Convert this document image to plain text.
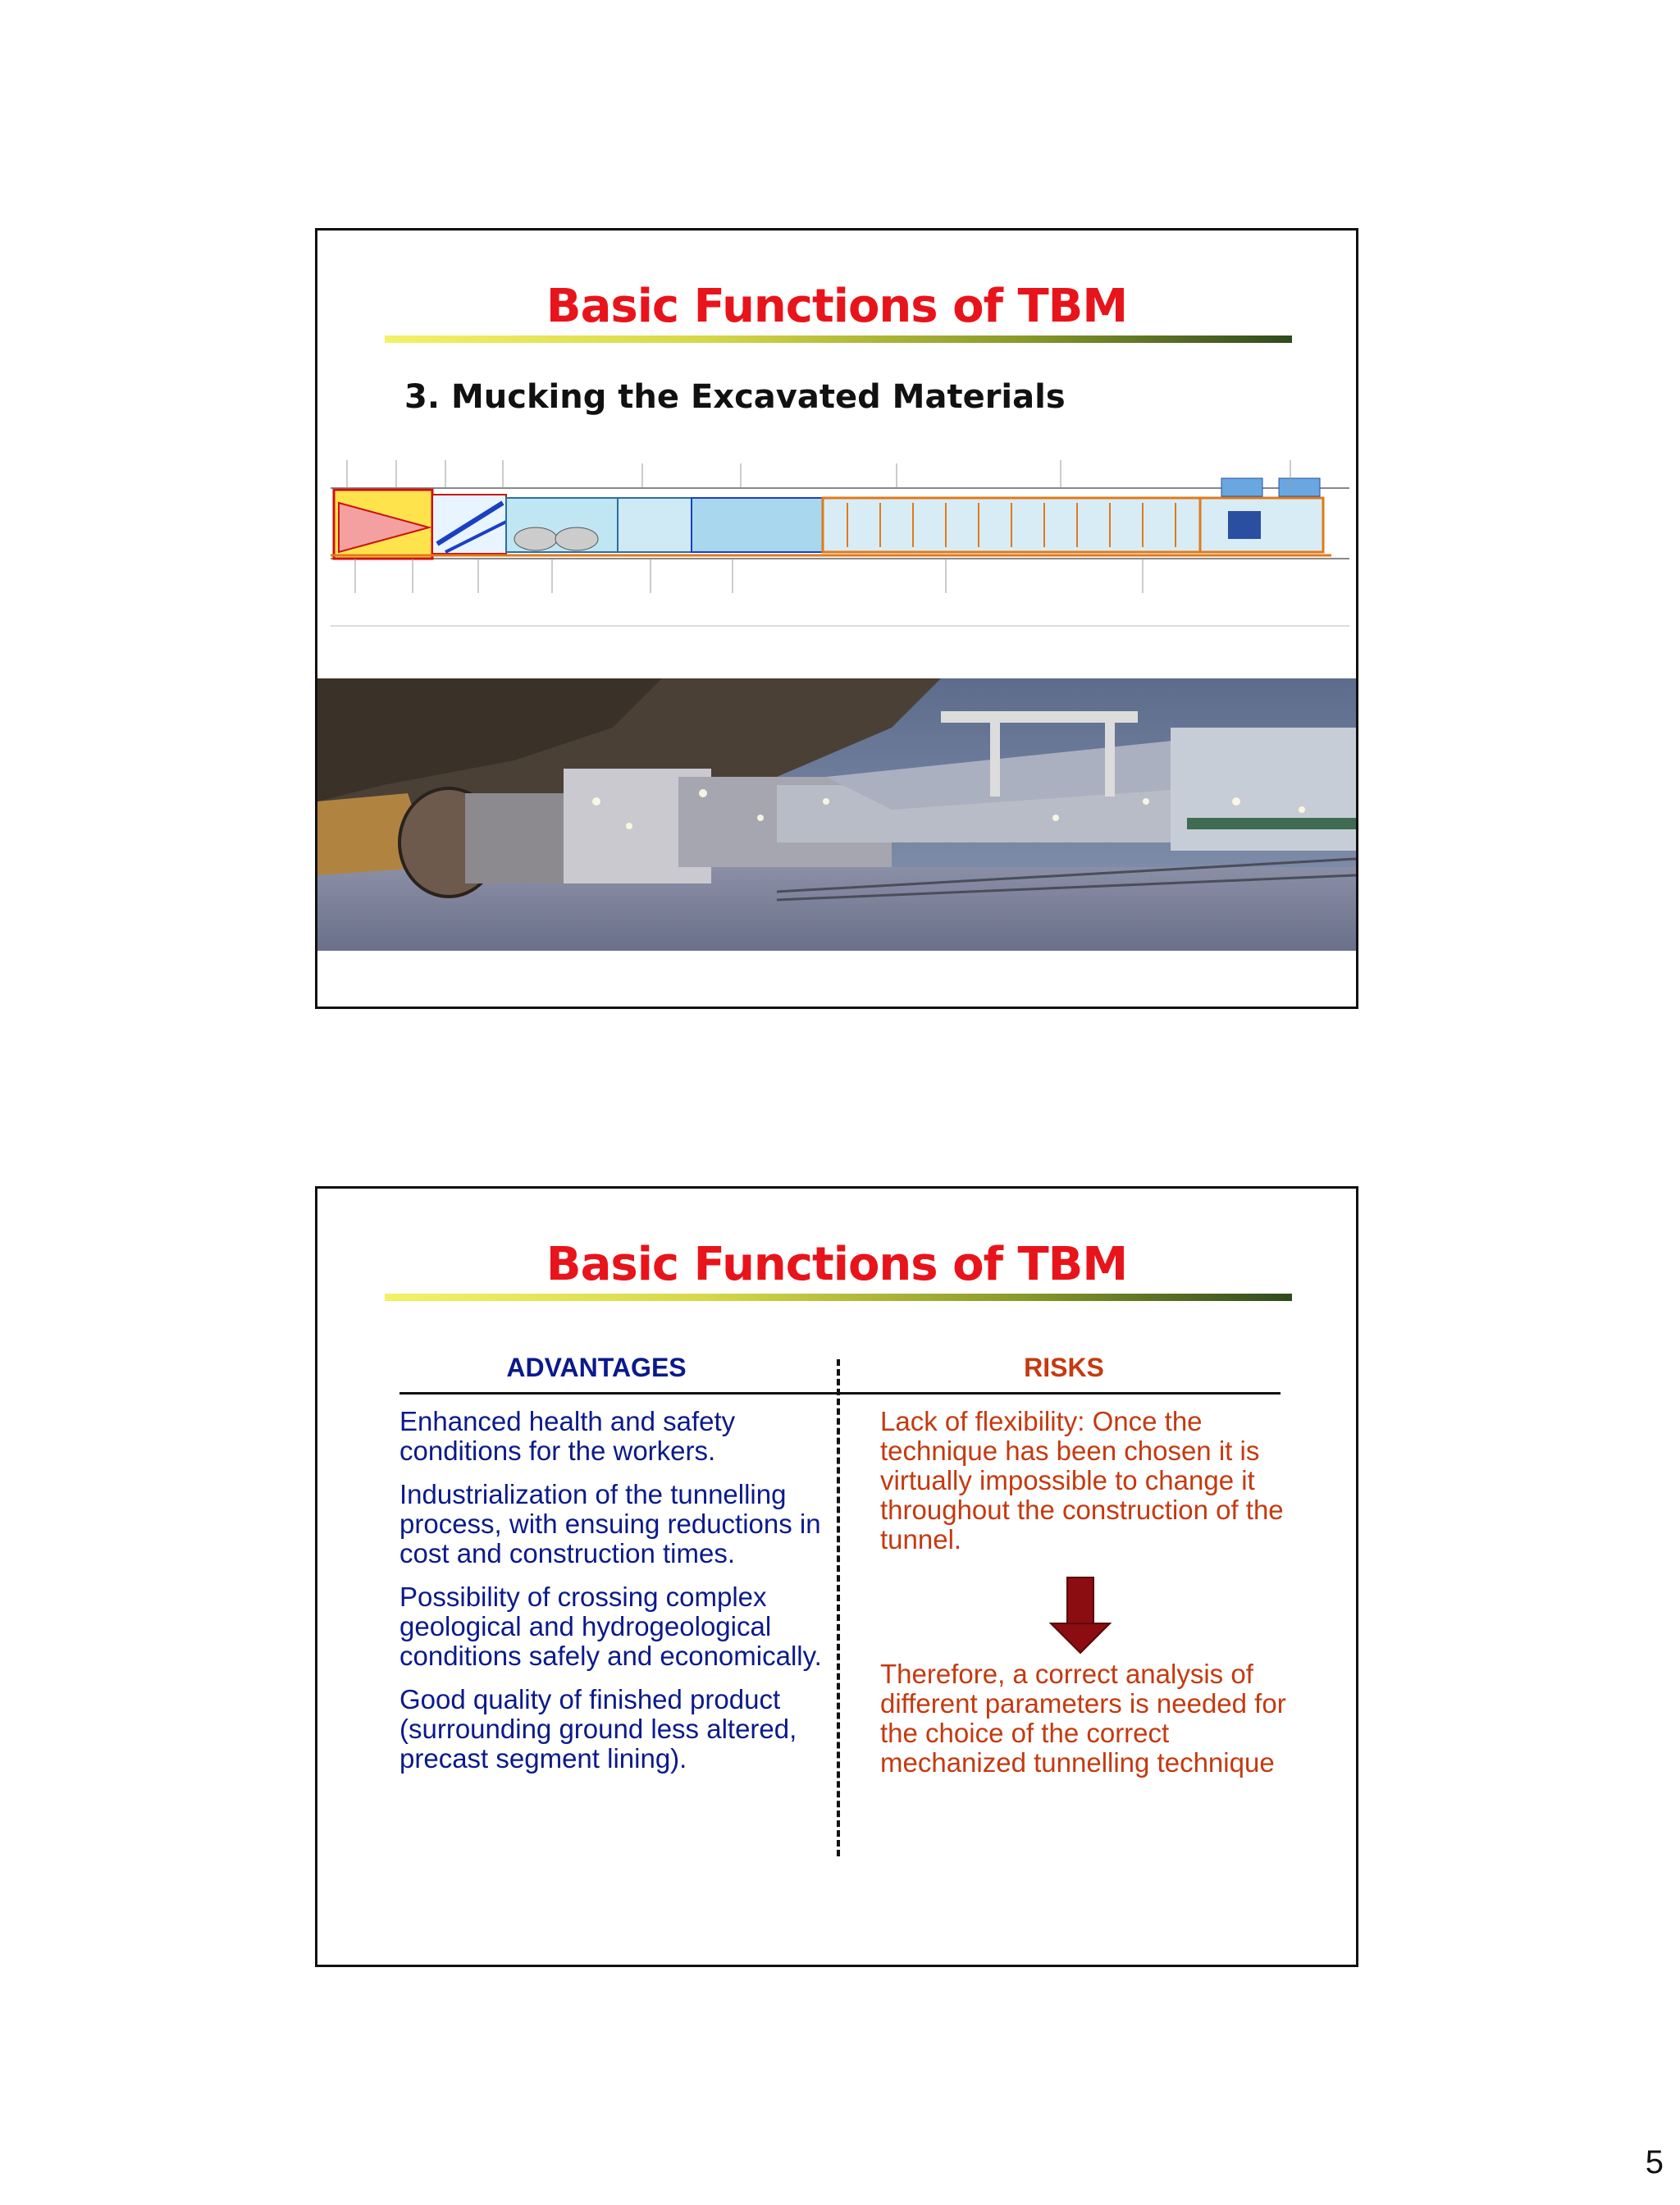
Basic Functions of TBM
3. Mucking the Excavated Materials
Basic Functions of TBM
ADVANTAGES	RISKS
Enhanced health and safety conditions for the workers.
Industrialization of the tunnelling process, with ensuing reductions in cost and construction times.
Possibility of crossing complex geological and hydrogeological conditions safely and economically.
Good quality of finished product (surrounding ground less altered, precast segment lining).

Lack of flexibility: Once the technique has been chosen it is virtually impossible to change it throughout the construction of the tunnel.

Therefore, a correct analysis of different parameters is needed for the choice of the correct mechanized tunnelling technique

5
